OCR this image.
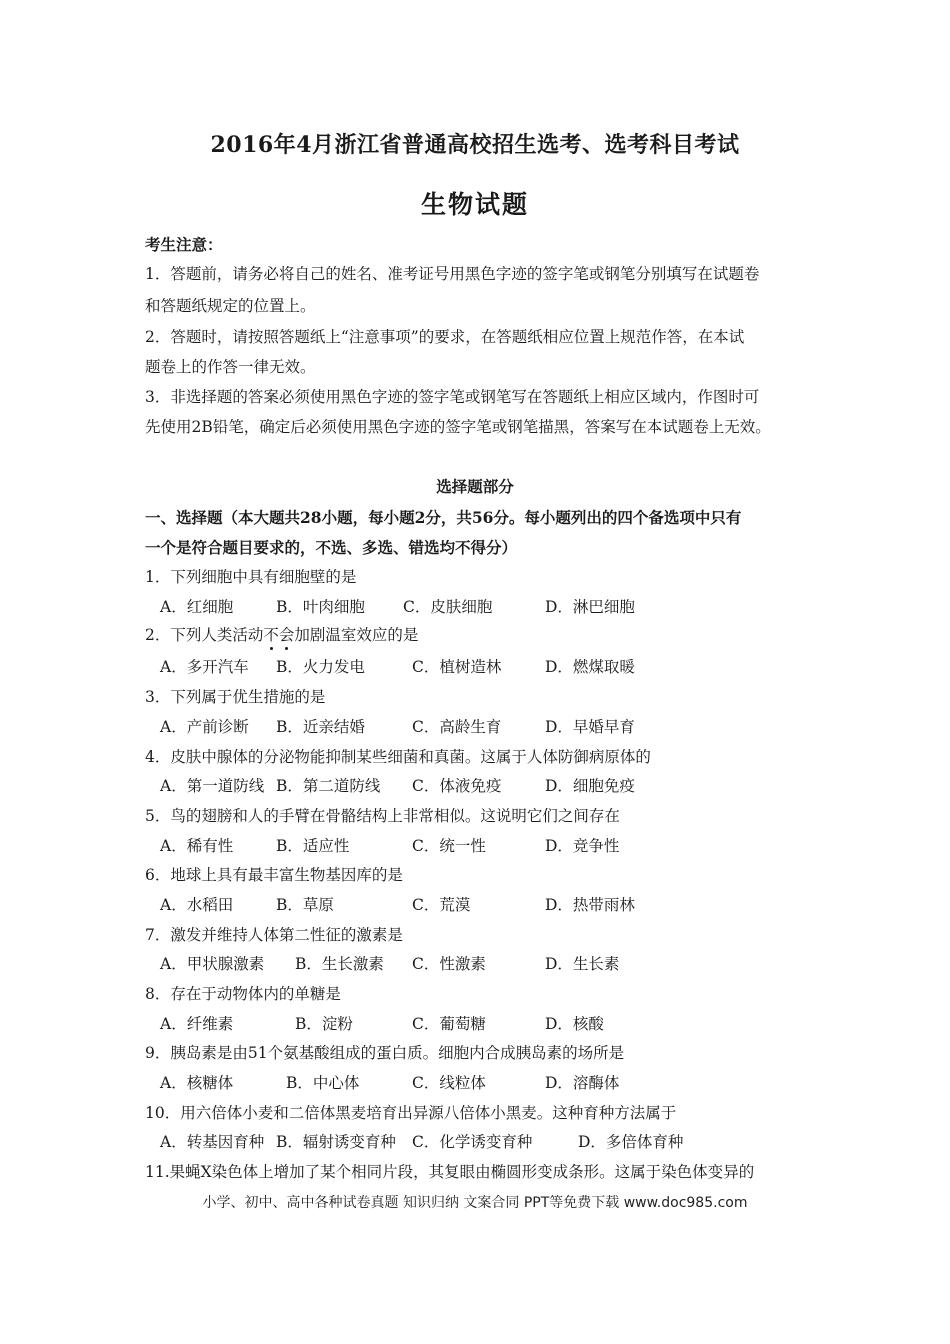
2016年4月浙江省普通高校招生选考、选考科目考试
生物试题
考生注意：
1．答题前，请务必将自己的姓名、准考证号用黑色字迹的签字笔或钢笔分别填写在试题卷
和答题纸规定的位置上。
2．答题时，请按照答题纸上“注意事项”的要求，在答题纸相应位置上规范作答，在本试
题卷上的作答一律无效。
3．非选择题的答案必须使用黑色字迹的签字笔或钢笔写在答题纸上相应区域内，作图时可
先使用2B铅笔，确定后必须使用黑色字迹的签字笔或钢笔描黑，答案写在本试题卷上无效。
选择题部分
一、选择题（本大题共28小题，每小题2分，共56分。每小题列出的四个备选项中只有
一个是符合题目要求的，不选、多选、错选均不得分）
1．下列细胞中具有细胞壁的是
A．红细胞	B．叶肉细胞 C．皮肤细胞	D．淋巴细胞
2．下列人类活动不会加剧温室效应的是
A．多开汽车 B．火力发电	C．植树造林	D．燃煤取暖
3．下列属于优生措施的是
A．产前诊断 B．近亲结婚	C．高龄生育	D．早婚早育
4．皮肤中腺体的分泌物能抑制某些细菌和真菌。这属于人体防御病原体的
A．第一道防线 B．第二道防线 C．体液免疫	D．细胞免疫
5．鸟的翅膀和人的手臂在骨骼结构上非常相似。这说明它们之间存在
A．稀有性	B．适应性	C．统一性	D．竞争性
6．地球上具有最丰富生物基因库的是
A．水稻田	B．草原	C．荒漠	D．热带雨林
7．激发并维持人体第二性征的激素是
A．甲状腺激素 B．生长激素 C．性激素	D．生长素
8．存在于动物体内的单糖是
A．纤维素	B．淀粉	C．葡萄糖	D．核酸
9．胰岛素是由51个氨基酸组成的蛋白质。细胞内合成胰岛素的场所是
A．核糖体	B．中心体	C．线粒体	D．溶酶体
10．用六倍体小麦和二倍体黑麦培育出异源八倍体小黑麦。这种育种方法属于
A．转基因育种 B．辐射诱变育种 C．化学诱变育种	D．多倍体育种
11.果蝇X染色体上增加了某个相同片段，其复眼由椭圆形变成条形。这属于染色体变异的
小学、初中、高中各种试卷真题 知识归纳 文案合同 PPT等免费下载 www.doc985.com
